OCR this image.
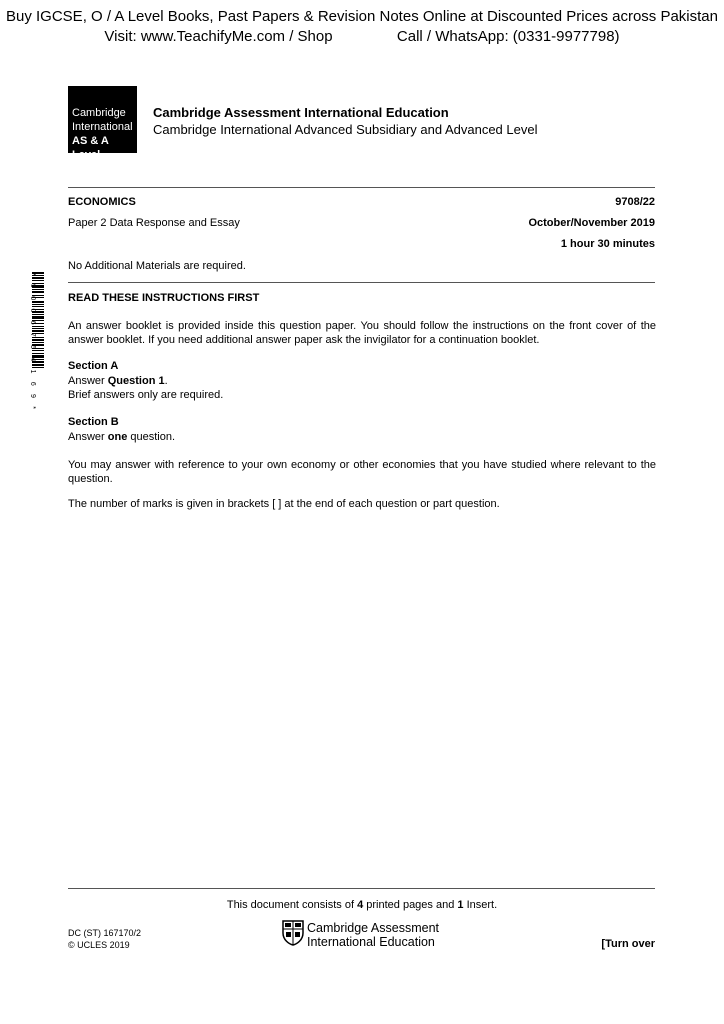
Buy IGCSE, O / A Level Books, Past Papers & Revision Notes Online at Discounted Prices across Pakistan
Visit: www.TeachifyMe.com / Shop	Call / WhatsApp: (0331-9977798)
Cambridge
International
AS & A Level
Cambridge Assessment International Education
Cambridge International Advanced Subsidiary and Advanced Level
ECONOMICS	9708/22
Paper 2 Data Response and Essay	October/November 2019
1 hour 30 minutes
No Additional Materials are required.
*9006754169*
READ THESE INSTRUCTIONS FIRST
An answer booklet is provided inside this question paper. You should follow the instructions on the front cover of the answer booklet. If you need additional answer paper ask the invigilator for a continuation booklet.
Section A
Answer Question 1.
Brief answers only are required.
Section B
Answer one question.
You may answer with reference to your own economy or other economies that you have studied where relevant to the question.
The number of marks is given in brackets [ ] at the end of each question or part question.
This document consists of 4 printed pages and 1 Insert.
DC (ST) 167170/2
© UCLES 2019
Cambridge Assessment
International Education	[Turn over
